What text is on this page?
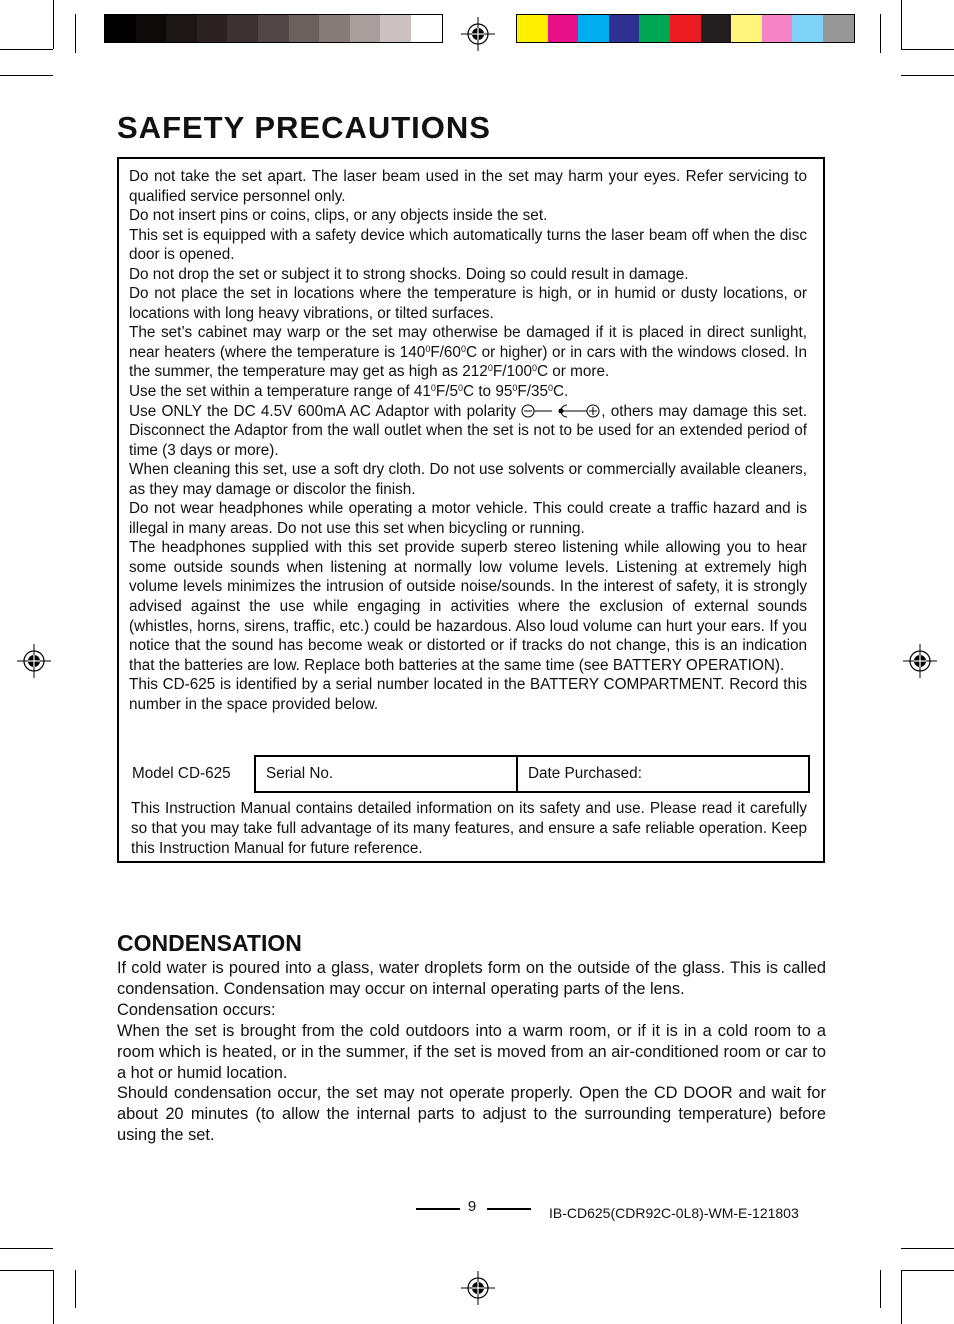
SAFETY PRECAUTIONS

Do not take the set apart. The laser beam used in the set may harm your eyes. Refer servicing to qualified service personnel only.

Do not insert pins or coins, clips, or any objects inside the set.

This set is equipped with a safety device which automatically turns the laser beam off when the disc door is opened.

Do not drop the set or subject it to strong shocks. Doing so could result in damage.

Do not place the set in locations where the temperature is high, or in humid or dusty locations, or locations with long heavy vibrations, or tilted surfaces.

The set’s cabinet may warp or the set may otherwise be damaged if it is placed in direct sunlight, near heaters (where the temperature is $140^0F/60^0C$ or higher) or in cars with the windows closed. In the summer, the temperature may get as high as $212^0F/100^0C$ or more.

Use the set within a temperature range of $41^0F/5^0C$ to $95^0F/35^0C$.

Use ONLY the DC 4.5V 600mA AC Adaptor with polarity	, others may damage this set. Disconnect the Adaptor from the wall outlet when the set is not to be used for an extended period of time (3 days or more).

When cleaning this set, use a soft dry cloth. Do not use solvents or commercially available cleaners, as they may damage or discolor the finish.

Do not wear headphones while operating a motor vehicle. This could create a traffic hazard and is illegal in many areas. Do not use this set when bicycling or running.

The headphones supplied with this set provide superb stereo listening while allowing you to hear some outside sounds when listening at normally low volume levels. Listening at extremely high volume levels minimizes the intrusion of outside noise/sounds. In the interest of safety, it is strongly advised against the use while engaging in activities where the exclusion of external sounds (whistles, horns, sirens, traffic, etc.) could be hazardous. Also loud volume can hurt your ears. If you notice that the sound has become weak or distorted or if tracks do not change, this is an indication that the batteries are low. Replace both batteries at the same time (see BATTERY OPERATION).

This CD-625 is identified by a serial number located in the BATTERY COMPARTMENT. Record this number in the space provided below.

Model CD-625 Serial No.	Date Purchased:

This Instruction Manual contains detailed information on its safety and use. Please read it carefully so that you may take full advantage of its many features, and ensure a safe reliable operation. Keep this Instruction Manual for future reference.

CONDENSATION

If cold water is poured into a glass, water droplets form on the outside of the glass. This is called condensation. Condensation may occur on internal operating parts of the lens.

Condensation occurs:

When the set is brought from the cold outdoors into a warm room, or if it is in a cold room to a room which is heated, or in the summer, if the set is moved from an air-conditioned room or car to a hot or humid location.

Should condensation occur, the set may not operate properly. Open the CD DOOR and wait for about 20 minutes (to allow the internal parts to adjust to the surrounding temperature) before using the set.

9	IB-CD625(CDR92C-0L8)-WM-E-121803
